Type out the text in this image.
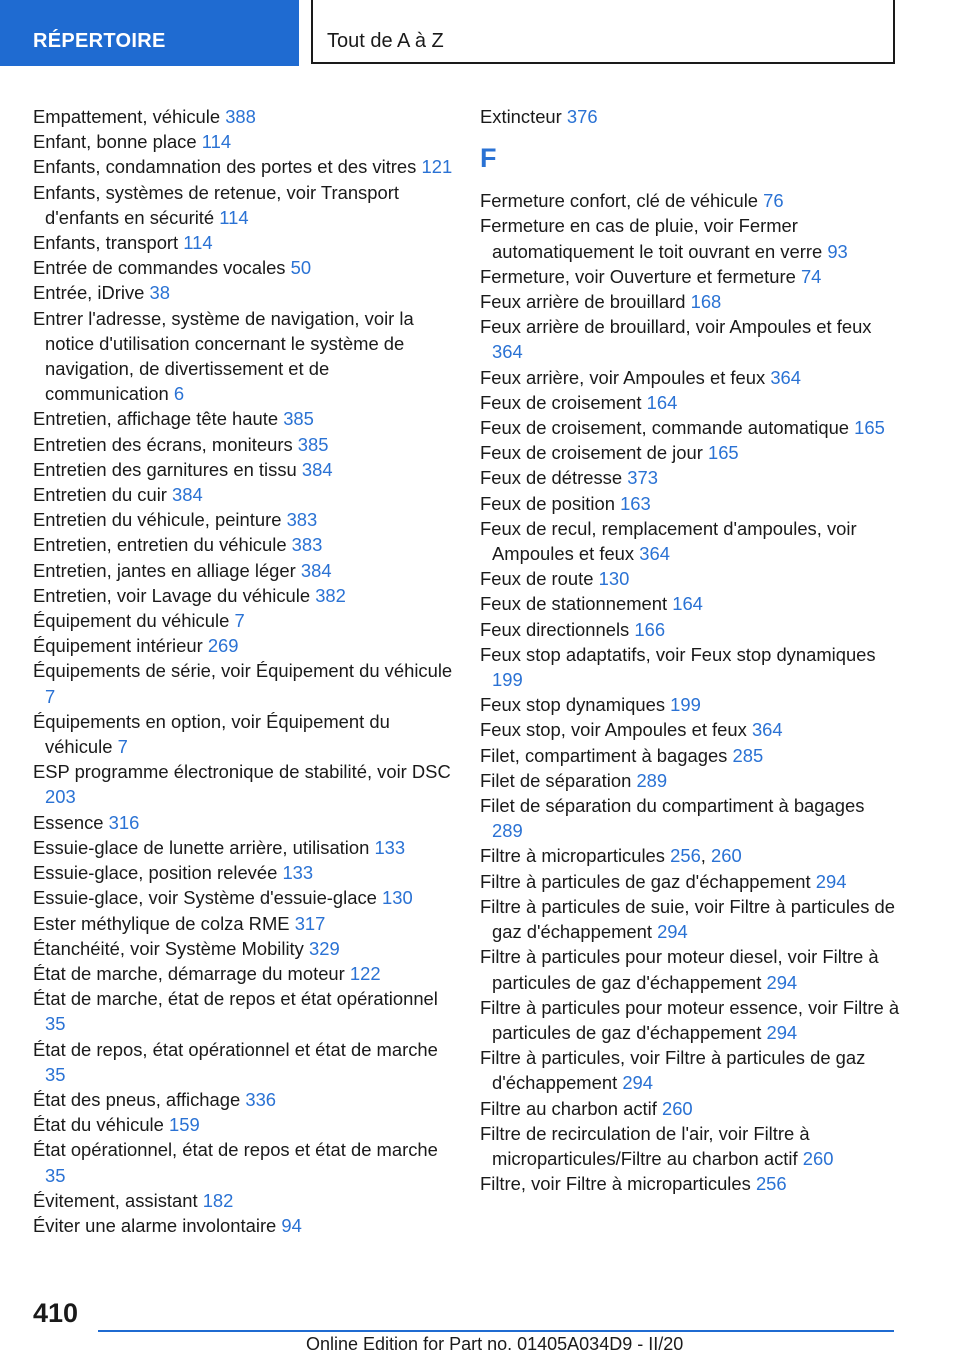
RÉPERTOIRE	Tout de A à Z

Empattement, véhicule 388

Enfant, bonne place 114

Enfants, condamnation des portes et des vitres 121

Enfants, systèmes de retenue, voir Transport d'enfants en sécurité 114

Enfants, transport 114

Entrée de commandes vocales 50

Entrée, iDrive 38

Entrer l'adresse, système de navigation, voir la notice d'utilisation concernant le système de navigation, de divertissement et de communication 6

Entretien, affichage tête haute 385

Entretien des écrans, moniteurs 385

Entretien des garnitures en tissu 384

Entretien du cuir 384

Entretien du véhicule, peinture 383

Entretien, entretien du véhicule 383

Entretien, jantes en alliage léger 384

Entretien, voir Lavage du véhicule 382

Équipement du véhicule 7

Équipement intérieur 269

Équipements de série, voir Équipement du véhicule 7

Équipements en option, voir Équipement du véhicule 7

ESP programme électronique de stabilité, voir DSC 203

Essence 316

Essuie-glace de lunette arrière, utilisation 133

Essuie-glace, position relevée 133

Essuie-glace, voir Système d'essuie-glace 130

Ester méthylique de colza RME 317

Étanchéité, voir Système Mobility 329

État de marche, démarrage du moteur 122

État de marche, état de repos et état opérationnel 35

État de repos, état opérationnel et état de marche 35

État des pneus, affichage 336

État du véhicule 159

État opérationnel, état de repos et état de marche 35

Évitement, assistant 182

Éviter une alarme involontaire 94

Extincteur 376

F

Fermeture confort, clé de véhicule 76

Fermeture en cas de pluie, voir Fermer automatiquement le toit ouvrant en verre 93

Fermeture, voir Ouverture et fermeture 74

Feux arrière de brouillard 168

Feux arrière de brouillard, voir Ampoules et feux 364

Feux arrière, voir Ampoules et feux 364

Feux de croisement 164

Feux de croisement, commande automatique 165

Feux de croisement de jour 165

Feux de détresse 373

Feux de position 163

Feux de recul, remplacement d'ampoules, voir Ampoules et feux 364

Feux de route 130

Feux de stationnement 164

Feux directionnels 166

Feux stop adaptatifs, voir Feux stop dynamiques 199

Feux stop dynamiques 199

Feux stop, voir Ampoules et feux 364

Filet, compartiment à bagages 285

Filet de séparation 289

Filet de séparation du compartiment à bagages 289

Filtre à microparticules 256, 260

Filtre à particules de gaz d'échappement 294

Filtre à particules de suie, voir Filtre à particules de gaz d'échappement 294

Filtre à particules pour moteur diesel, voir Filtre à particules de gaz d'échappement 294

Filtre à particules pour moteur essence, voir Filtre à particules de gaz d'échappement 294

Filtre à particules, voir Filtre à particules de gaz d'échappement 294

Filtre au charbon actif 260

Filtre de recirculation de l'air, voir Filtre à microparticules/Filtre au charbon actif 260

Filtre, voir Filtre à microparticules 256

410
Online Edition for Part no. 01405A034D9 - II/20
